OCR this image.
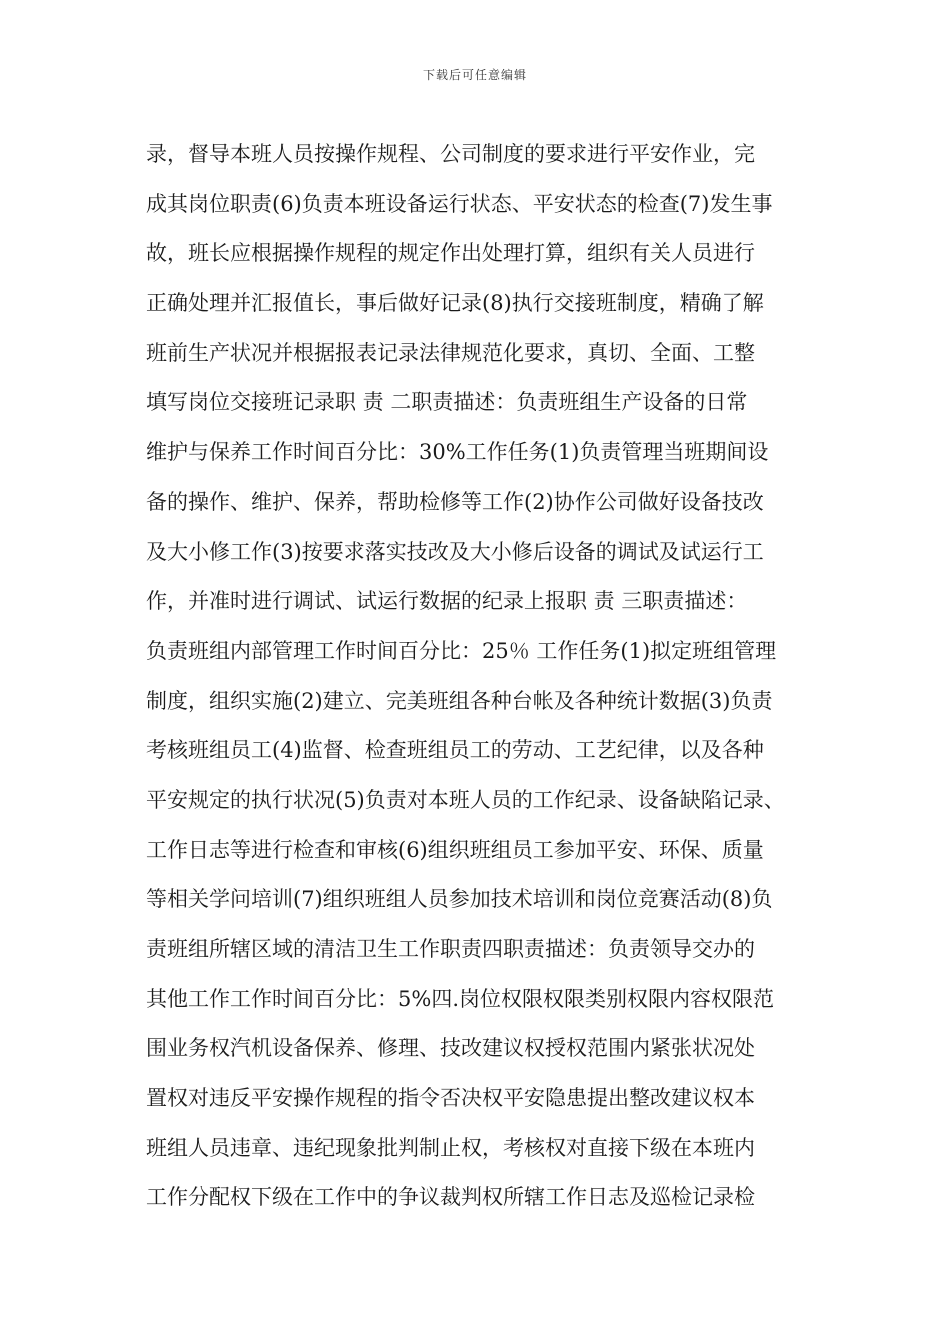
下载后可任意编辑
录，督导本班人员按操作规程、公司制度的要求进行平安作业，完
成其岗位职责(6)负责本班设备运行状态、平安状态的检查(7)发生事
故，班长应根据操作规程的规定作出处理打算，组织有关人员进行
正确处理并汇报值长，事后做好记录(8)执行交接班制度，精确了解
班前生产状况并根据报表记录法律规范化要求，真切、全面、工整
填写岗位交接班记录职 责 二职责描述：负责班组生产设备的日常
维护与保养工作时间百分比：30%工作任务(1)负责管理当班期间设
备的操作、维护、保养，帮助检修等工作(2)协作公司做好设备技改
及大小修工作(3)按要求落实技改及大小修后设备的调试及试运行工
作，并准时进行调试、试运行数据的纪录上报职 责 三职责描述：
负责班组内部管理工作时间百分比：25％ 工作任务(1)拟定班组管理
制度，组织实施(2)建立、完美班组各种台帐及各种统计数据(3)负责
考核班组员工(4)监督、检查班组员工的劳动、工艺纪律，以及各种
平安规定的执行状况(5)负责对本班人员的工作纪录、设备缺陷记录、
工作日志等进行检查和审核(6)组织班组员工参加平安、环保、质量
等相关学问培训(7)组织班组人员参加技术培训和岗位竞赛活动(8)负
责班组所辖区域的清洁卫生工作职责四职责描述：负责领导交办的
其他工作工作时间百分比：5%四.岗位权限权限类别权限内容权限范
围业务权汽机设备保养、修理、技改建议权授权范围内紧张状况处
置权对违反平安操作规程的指令否决权平安隐患提出整改建议权本
班组人员违章、违纪现象批判制止权，考核权对直接下级在本班内
工作分配权下级在工作中的争议裁判权所辖工作日志及巡检记录检
